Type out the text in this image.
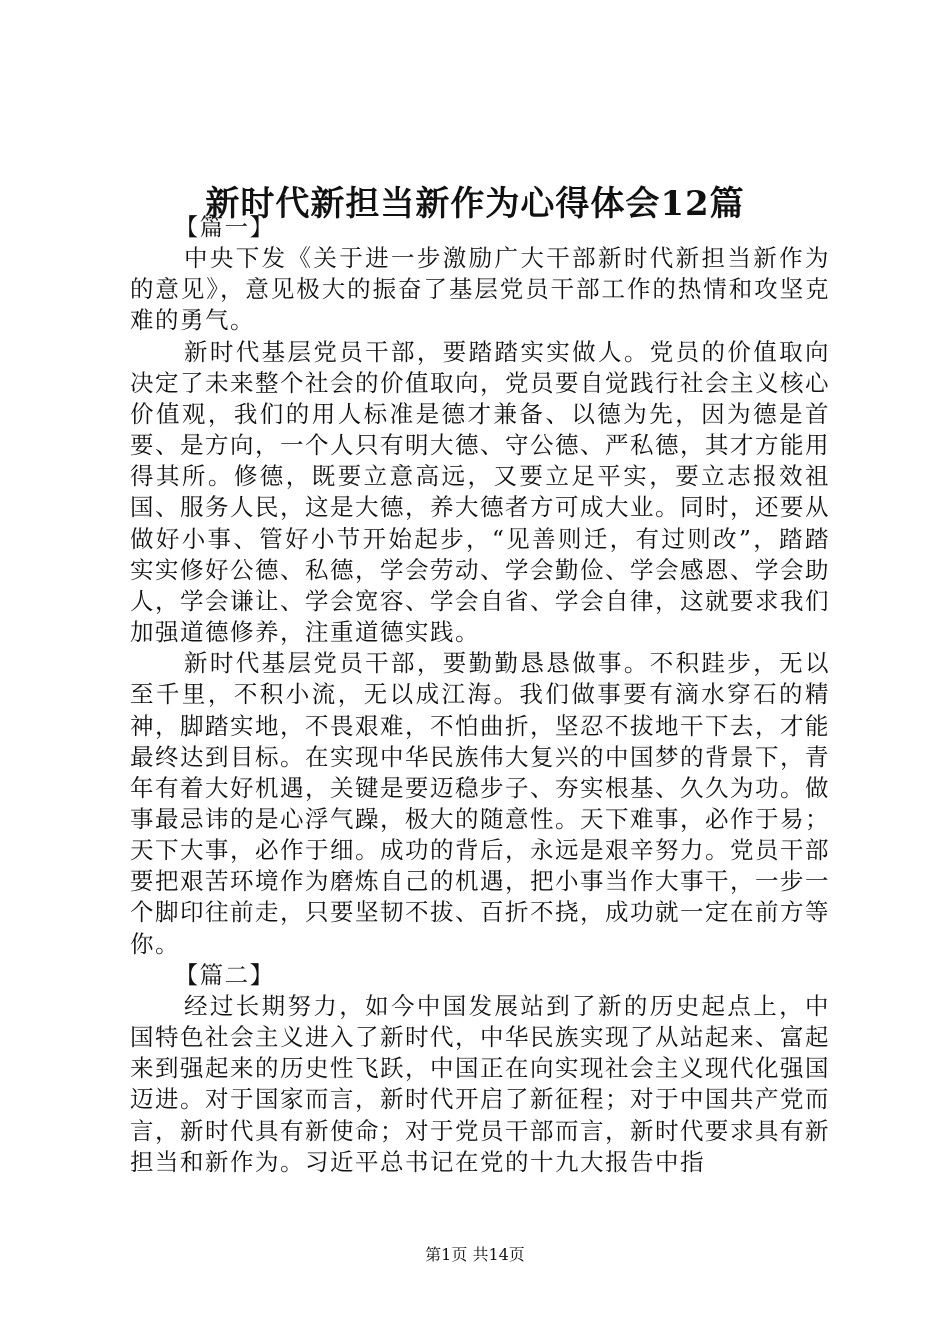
新时代新担当新作为心得体会12篇

【篇一】

中央下发《关于进一步激励广大干部新时代新担当新作为的意见》，意见极大的振奋了基层党员干部工作的热情和攻坚克难的勇气。

新时代基层党员干部，要踏踏实实做人。党员的价值取向决定了未来整个社会的价值取向，党员要自觉践行社会主义核心价值观，我们的用人标准是德才兼备、以德为先，因为德是首要、是方向，一个人只有明大德、守公德、严私德，其才方能用得其所。修德，既要立意高远，又要立足平实，要立志报效祖国、服务人民，这是大德，养大德者方可成大业。同时，还要从做好小事、管好小节开始起步，“见善则迁，有过则改”，踏踏实实修好公德、私德，学会劳动、学会勤俭、学会感恩、学会助人，学会谦让、学会宽容、学会自省、学会自律，这就要求我们加强道德修养，注重道德实践。

新时代基层党员干部，要勤勤恳恳做事。不积跬步，无以至千里，不积小流，无以成江海。我们做事要有滴水穿石的精神，脚踏实地，不畏艰难，不怕曲折，坚忍不拔地干下去，才能最终达到目标。在实现中华民族伟大复兴的中国梦的背景下，青年有着大好机遇，关键是要迈稳步子、夯实根基、久久为功。做事最忌讳的是心浮气躁，极大的随意性。天下难事，必作于易；天下大事，必作于细。成功的背后，永远是艰辛努力。党员干部要把艰苦环境作为磨炼自己的机遇，把小事当作大事干，一步一个脚印往前走，只要坚韧不拔、百折不挠，成功就一定在前方等你。

【篇二】

经过长期努力，如今中国发展站到了新的历史起点上，中国特色社会主义进入了新时代，中华民族实现了从站起来、富起来到强起来的历史性飞跃，中国正在向实现社会主义现代化强国迈进。对于国家而言，新时代开启了新征程；对于中国共产党而言，新时代具有新使命；对于党员干部而言，新时代要求具有新担当和新作为。习近平总书记在党的十九大报告中指

第1页 共14页
